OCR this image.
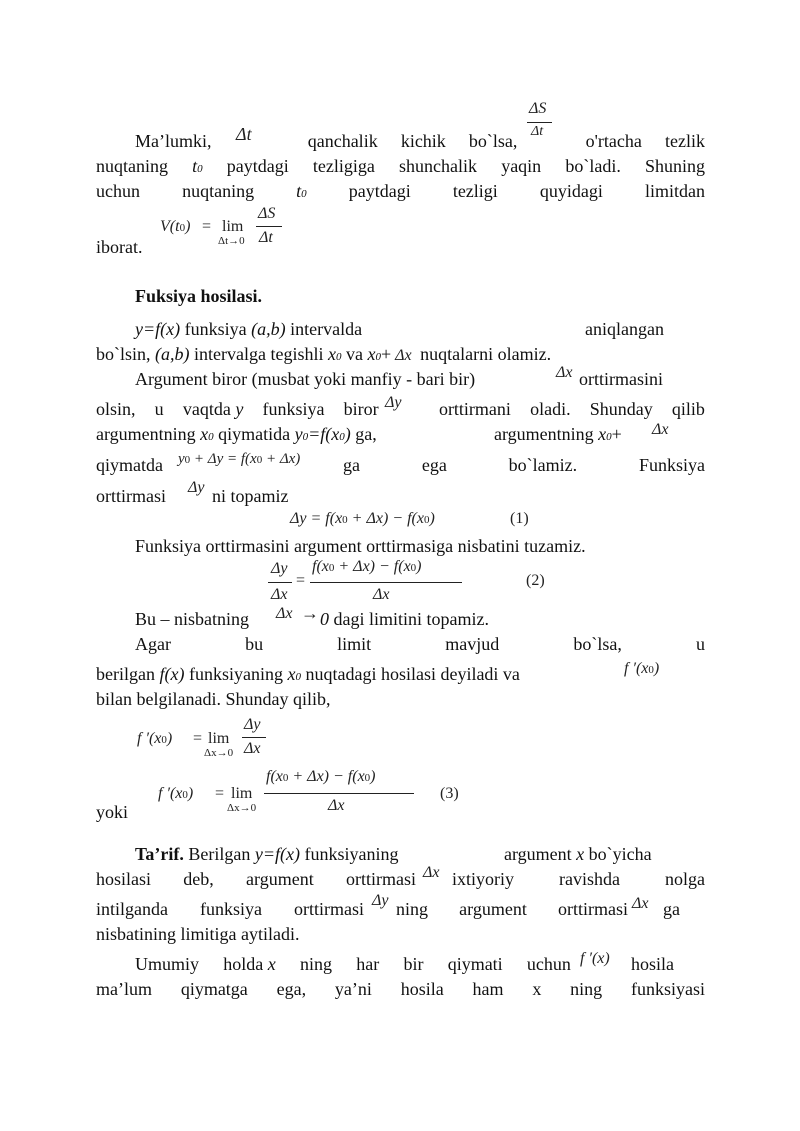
ΔS
Δt
Ma’lumki,	qanchalik kichik bo`lsa,	o'rtacha tezlik
Δt
nuqtaning t0 paytdagi tezligiga shunchalik yaqin bo`ladi. Shuning
uchun nuqtaning t0 paytdagi tezligi quyidagi limitdan
V(t0) = lim
Δt→0
ΔS
Δt
iborat.
Fuksiya hosilasi.
y=f(x) funksiya (a,b) intervalda	aniqlangan
bo`lsin, (a,b) intervalga tegishli x0 va x0+ Δx nuqtalarni olamiz.
Argument biror (musbat yoki manfiy - bari bir)	Δx orttirmasini
olsin, u vaqtda y funksiya biror	orttirmani oladi. Shunday qilib
Δy
argumentning x0 qiymatida y0=f(x0) ga,	argumentning x0+ Δx
qiymatda y0 + Δy = f(x0 + Δx) ga	ega	bo`lamiz.	Funksiya
orttirmasi Δy ni topamiz
Δy = f(x0 + Δx) − f(x0)	(1)
Funksiya orttirmasini argument orttirmasiga nisbatini tuzamiz.
Δy
Δx
=
f(x0 + Δx) − f(x0)
Δx
(2)
Bu – nisbatning Δx → 0 dagi limitini topamiz.
Agar	bu	limit	mavjud	bo`lsa,	u
berilgan f(x) funksiyaning x0 nuqtadagi hosilasi deyiladi va	f ′(x0)
bilan belgilanadi. Shunday qilib,
f ′(x0) = lim
Δx→0
Δy
Δx
f ′(x0) = lim
Δx→0
f(x0 + Δx) − f(x0)
Δx
(3)
yoki
Ta’rif. Berilgan y=f(x) funksiyaning	argument x bo`yicha
hosilasi deb, argument orttirmasi Δx ixtiyoriy	ravishda	nolga
intilganda funksiya orttirmasi Δy ning argument orttirmasi Δx ga
nisbatining limitiga aytiladi.
Umumiy holda x ning har bir qiymati uchun f ′(x) hosila
ma’lum qiymatga ega, ya’ni hosila ham x ning funksiyasi
